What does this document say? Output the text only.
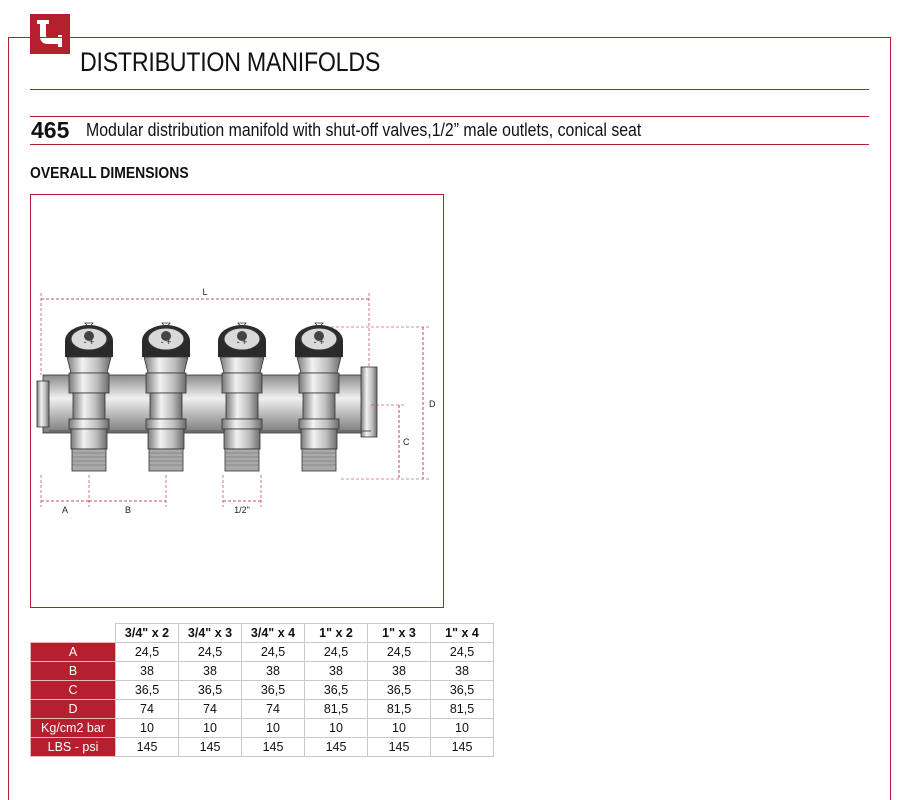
DISTRIBUTION MANIFOLDS
465 Modular distribution manifold with shut-off valves,1/2” male outlets, conical seat
OVERALL DIMENSIONS
- +	- +	- +	- +
L
D
C
A	B	1/2"
	3/4" x 2	3/4" x 3	3/4" x 4	1" x 2	1" x 3	1" x 4
A	24,5	24,5	24,5	24,5	24,5	24,5
B	38	38	38	38	38	38
C	36,5	36,5	36,5	36,5	36,5	36,5
D	74	74	74	81,5	81,5	81,5
Kg/cm2 bar	10	10	10	10	10	10
LBS - psi	145	145	145	145	145	145
